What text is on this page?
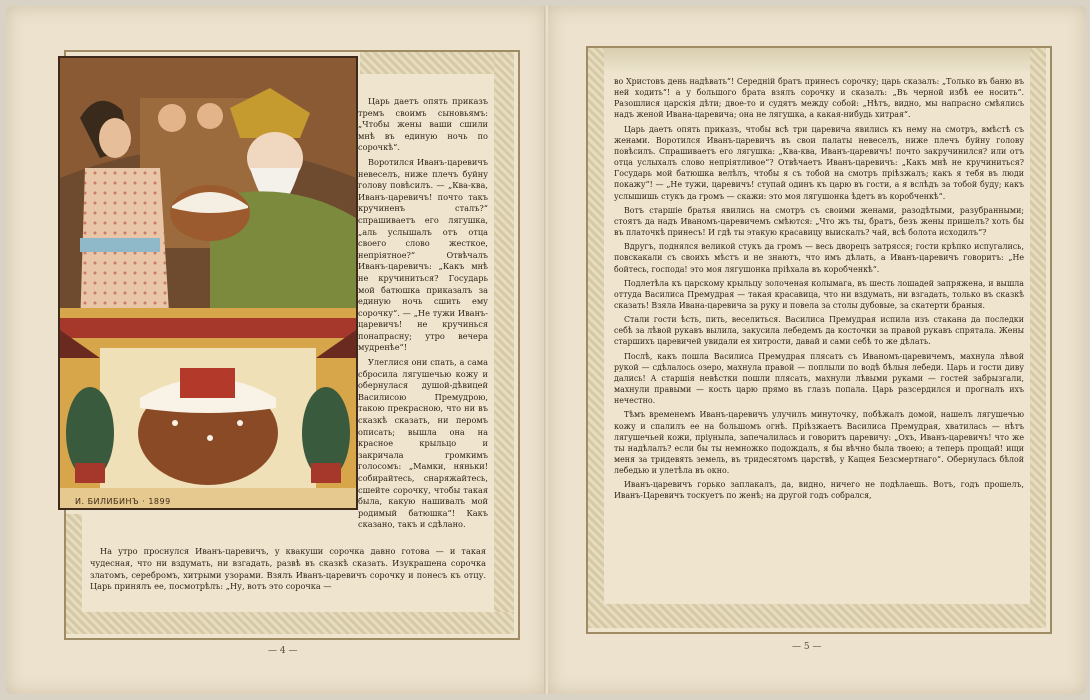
И. БИЛИБИНЪ · 1899

Царь даетъ опять приказъ тремъ своимъ сыновьямъ: „Чтобы жены ваши сшили мнѣ въ единую ночь по сорочкѣ“.

Воротился Иванъ-царевичъ невеселъ, ниже плечъ буйну голову повѣсилъ. — „Ква-ква, Иванъ-царевичъ! почто такъ кручиненъ сталъ?“ спрашиваетъ его лягушка, „аль услышалъ отъ отца своего слово жесткое, непріятное?“ Отвѣчалъ Иванъ-царевичъ: „Какъ мнѣ не кручиниться? Государь мой батюшка приказалъ за единую ночь сшить ему сорочку“. — „Не тужи Иванъ-царевичъ! не кручинься понапрасну; утро вечера мудренѣе“!

Улеглися они спать, а сама сбросила лягушечью кожу и обернулася душой-дѣвицей Василисою Премудрою, такою прекрасною, что ни въ сказкѣ сказать, ни перомъ описать; вышла она на красное крыльцо и закричала громкимъ голосомъ: „Мамки, няньки! собирайтесь, снаряжайтесь, сшейте сорочку, чтобы такая была, какую нашивалъ мой родимый батюшка“! Какъ сказано, такъ и сдѣлано.

На утро проснулся Иванъ-царевичъ, у квакуши сорочка давно готова — и такая чудесная, что ни вздумать, ни взгадать, развѣ въ сказкѣ сказать. Изукрашена сорочка златомъ, серебромъ, хитрыми узорами. Взялъ Иванъ-царевичъ сорочку и понесъ къ отцу. Царь принялъ ее, посмотрѣлъ: „Ну, вотъ это сорочка —

— 4 —

во Христовъ день надѣвать“! Середній братъ принесъ сорочку; царь сказалъ: „Только въ баню въ ней ходить“! а у большого брата взялъ сорочку и сказалъ: „Въ черной избѣ ее носить“. Разошлися царскія дѣти; двое-то и судятъ между собой: „Нѣтъ, видно, мы напрасно смѣялись надъ женой Ивана-царевича; она не лягушка, а какая-нибудь хитрая“.

Царь даетъ опять приказъ, чтобы всѣ три царевича явились къ нему на смотръ, вмѣстѣ съ женами. Воротился Иванъ-царевичъ въ свои палаты невеселъ, ниже плечъ буйну голову повѣсилъ. Спрашиваетъ его лягушка: „Ква-ква, Иванъ-царевичъ! почто закручинился? или отъ отца услыхалъ слово непріятливое“? Отвѣчаетъ Иванъ-царевичъ: „Какъ мнѣ не кручиниться? Государь мой батюшка велѣлъ, чтобы я съ тобой на смотръ пріѣзжалъ; какъ я тебя въ люди покажу“! — „Не тужи, царевичъ! ступай одинъ къ царю въ гости, а я вслѣдъ за тобой буду; какъ услышишь стукъ да громъ — скажи: это моя лягушонка ѣдетъ въ коробченкѣ“.

Вотъ старшіе братья явились на смотръ съ своими женами, разодѣтыми, разубранными; стоятъ да надъ Иваномъ-царевичемъ смѣются: „Что жъ ты, братъ, безъ жены пришелъ? хоть бы въ платочкѣ принесъ! И гдѣ ты этакую красавицу выискалъ? чай, всѣ болота исходилъ“?

Вдругъ, поднялся великой стукъ да громъ — весь дворецъ затрясся; гости крѣпко испугались, повскакали съ своихъ мѣстъ и не знаютъ, что имъ дѣлать, а Иванъ-царевичъ говоритъ: „Не бойтесь, господа! это моя лягушонка пріѣхала въ коробченкѣ“.

Подлетѣла къ царскому крыльцу золоченая колымага, въ шесть лошадей запряжена, и вышла оттуда Василиса Премудрая — такая красавица, что ни вздумать, ни взгадать, только въ сказкѣ сказать! Взяла Ивана-царевича за руку и повела за столы дубовые, за скатерти браныя.

Стали гости ѣсть, пить, веселиться. Василиса Премудрая испила изъ стакана да последки себѣ за лѣвой рукавъ вылила, закусила лебедемъ да косточки за правой рукавъ спрятала. Жены старшихъ царевичей увидали ея хитрости, давай и сами себѣ то же дѣлать.

Послѣ, какъ пошла Василиса Премудрая плясать съ Иваномъ-царевичемъ, махнула лѣвой рукой — сдѣлалось озеро, махнула правой — поплыли по водѣ бѣлыя лебеди. Царь и гости диву дались! А старшія невѣстки пошли плясать, махнули лѣвыми руками — гостей забрызгали, махнули правыми — кость царю прямо въ глазъ попала. Царь разсердился и прогналъ ихъ нечестно.

Тѣмъ временемъ Иванъ-царевичъ улучилъ минуточку, побѣжалъ домой, нашелъ лягушечью кожу и спалилъ ее на большомъ огнѣ. Пріѣзжаетъ Василиса Премудрая, хватилась — нѣтъ лягушечьей кожи, пріуныла, запечалилась и говоритъ царевичу: „Охъ, Иванъ-царевичъ! что же ты надѣлалъ? если бы ты немножко подождалъ, я бы вѣчно была твоею; а теперь прощай! ищи меня за тридевять земель, въ тридесятомъ царствѣ, у Кащея Безсмертнаго“. Обернулась бѣлой лебедью и улетѣла въ окно.

Иванъ-царевичъ горько заплакалъ, да, видно, ничего не подѣлаешь. Вотъ, годъ прошелъ, Иванъ-Царевичъ тоскуетъ по женѣ; на другой годъ собрался,

— 5 —
